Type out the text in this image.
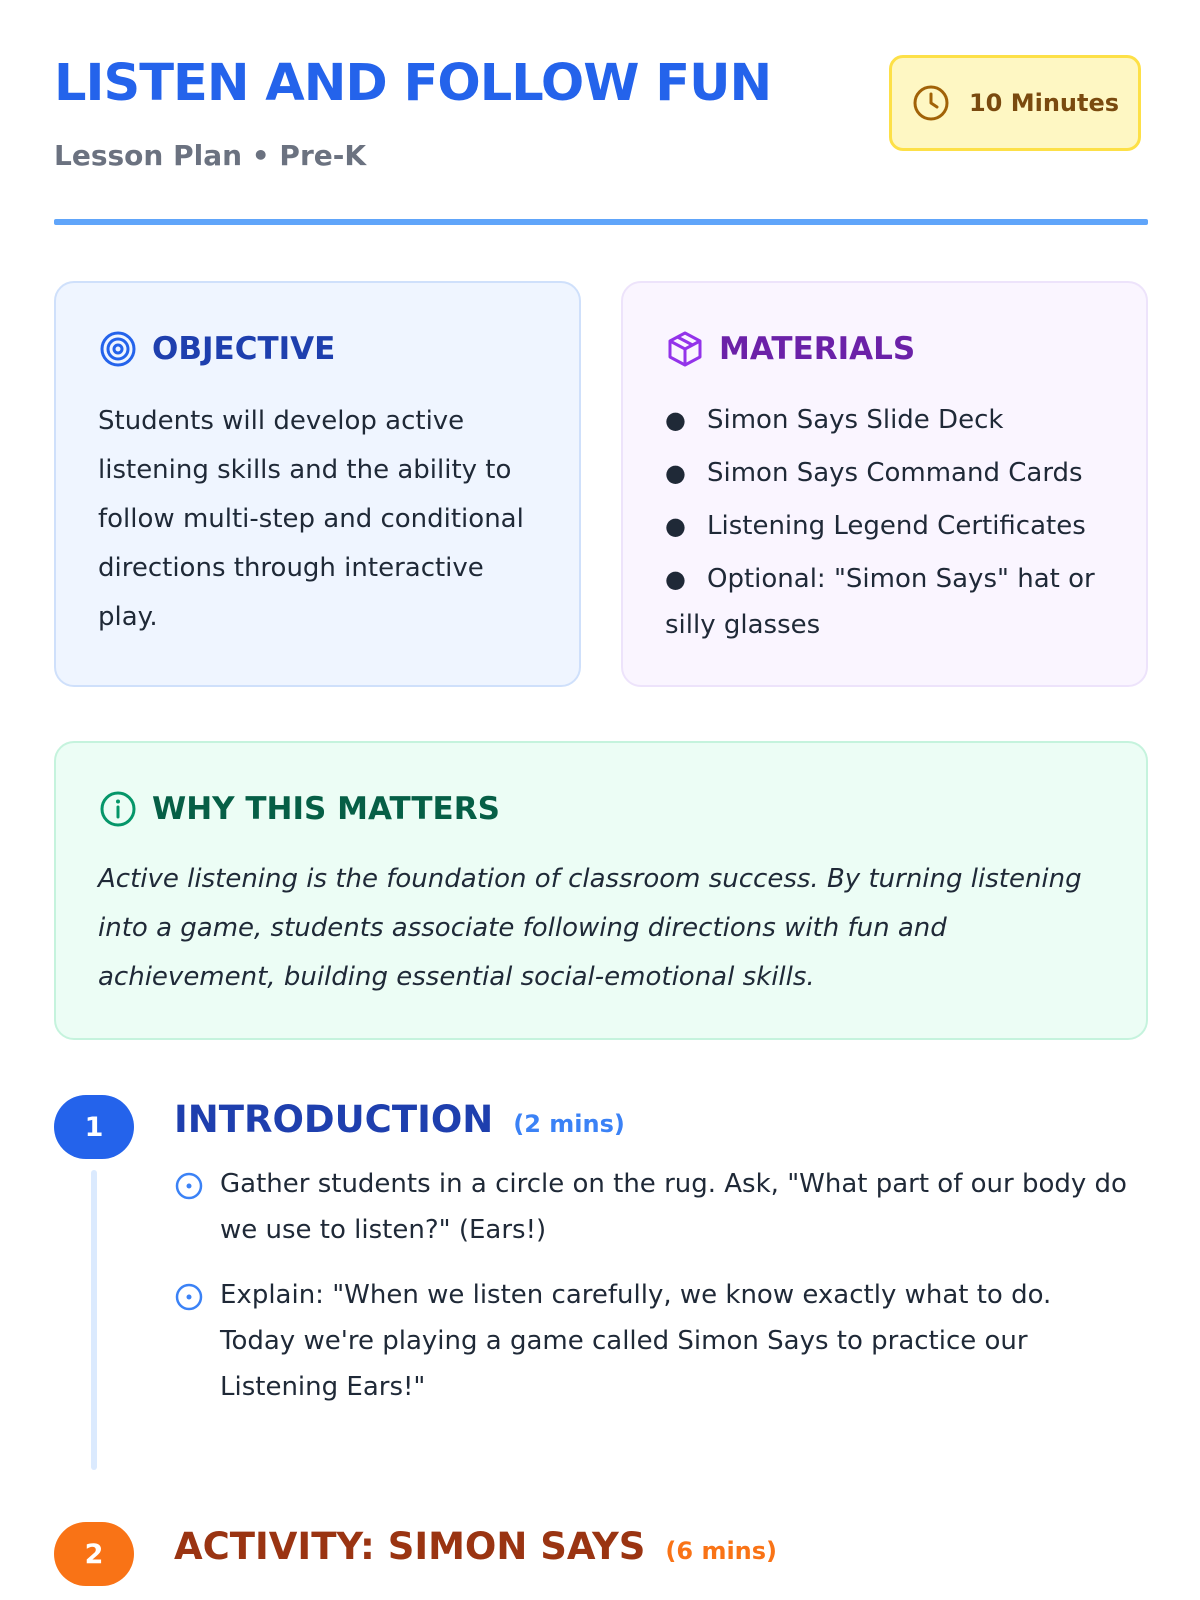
LISTEN AND FOLLOW FUN
Lesson Plan • Pre-K
10 Minutes
OBJECTIVE

Students will develop active listening skills and the ability to follow multi-step and conditional directions through interactive play.

MATERIALS
● Simon Says Slide Deck
● Simon Says Command Cards
● Listening Legend Certificates
● Optional: "Simon Says" hat or silly glasses
WHY THIS MATTERS

Active listening is the foundation of classroom success. By turning listening into a game, students associate following directions with fun and achievement, building essential social-emotional skills.

1	INTRODUCTION (2 mins)
Gather students in a circle on the rug. Ask, "What part of our body do we use to listen?" (Ears!)
Explain: "When we listen carefully, we know exactly what to do. Today we're playing a game called Simon Says to practice our Listening Ears!"
2	ACTIVITY: SIMON SAYS (6 mins)
